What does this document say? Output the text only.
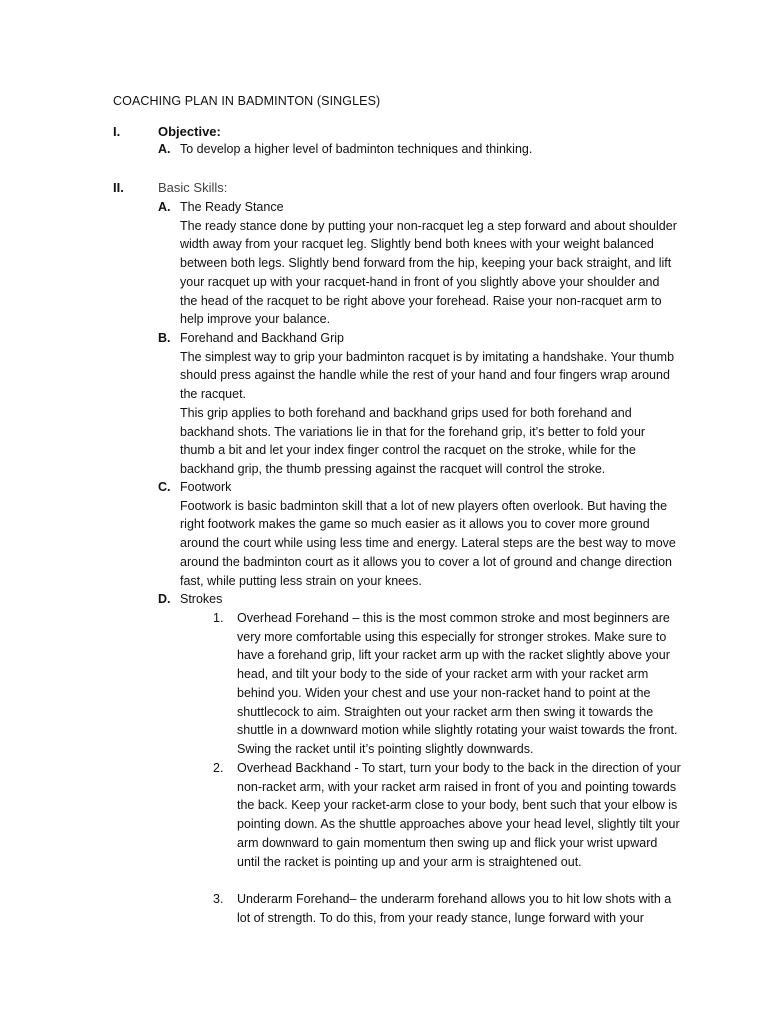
COACHING PLAN IN BADMINTON (SINGLES)
I.	Objective:
A. To develop a higher level of badminton techniques and thinking.
II.	Basic Skills:
A. The Ready Stance

The ready stance done by putting your non-racquet leg a step forward and about shoulder width away from your racquet leg. Slightly bend both knees with your weight balanced between both legs. Slightly bend forward from the hip, keeping your back straight, and lift your racquet up with your racquet-hand in front of you slightly above your shoulder and the head of the racquet to be right above your forehead. Raise your non-racquet arm to help improve your balance.

B. Forehand and Backhand Grip

The simplest way to grip your badminton racquet is by imitating a handshake. Your thumb should press against the handle while the rest of your hand and four fingers wrap around the racquet.

This grip applies to both forehand and backhand grips used for both forehand and backhand shots. The variations lie in that for the forehand grip, it’s better to fold your thumb a bit and let your index finger control the racquet on the stroke, while for the backhand grip, the thumb pressing against the racquet will control the stroke.

C. Footwork

Footwork is basic badminton skill that a lot of new players often overlook. But having the right footwork makes the game so much easier as it allows you to cover more ground around the court while using less time and energy. Lateral steps are the best way to move around the badminton court as it allows you to cover a lot of ground and change direction fast, while putting less strain on your knees.

D. Strokes
1. Overhead Forehand – this is the most common stroke and most beginners are very more comfortable using this especially for stronger strokes. Make sure to have a forehand grip, lift your racket arm up with the racket slightly above your head, and tilt your body to the side of your racket arm with your racket arm behind you. Widen your chest and use your non-racket hand to point at the shuttlecock to aim. Straighten out your racket arm then swing it towards the shuttle in a downward motion while slightly rotating your waist towards the front. Swing the racket until it’s pointing slightly downwards.
2. Overhead Backhand - To start, turn your body to the back in the direction of your non-racket arm, with your racket arm raised in front of you and pointing towards the back. Keep your racket-arm close to your body, bent such that your elbow is pointing down. As the shuttle approaches above your head level, slightly tilt your arm downward to gain momentum then swing up and flick your wrist upward until the racket is pointing up and your arm is straightened out.
3. Underarm Forehand– the underarm forehand allows you to hit low shots with a lot of strength. To do this, from your ready stance, lunge forward with your
